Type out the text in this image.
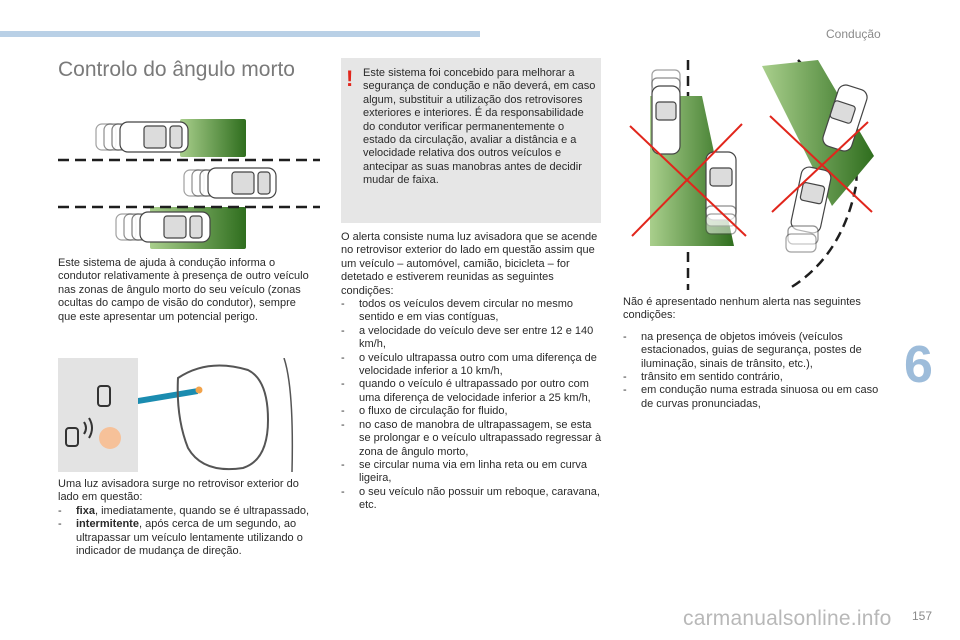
Condução
Controlo do ângulo morto
Este sistema de ajuda à condução informa o condutor relativamente à presença de outro veículo nas zonas de ângulo morto do seu veículo (zonas ocultas do campo de visão do condutor), sempre que este apresentar um potencial perigo.
Uma luz avisadora surge no retrovisor exterior do lado em questão:
- fixa, imediatamente, quando se é ultrapassado,
- intermitente, após cerca de um segundo, ao ultrapassar um veículo lentamente utilizando o indicador de mudança de direção.
! Este sistema foi concebido para melhorar a segurança de condução e não deverá, em caso algum, substituir a utilização dos retrovisores exteriores e interiores. É da responsabilidade do condutor verificar permanentemente o estado da circulação, avaliar a distância e a velocidade relativa dos outros veículos e antecipar as suas manobras antes de decidir mudar de faixa.
O alerta consiste numa luz avisadora que se acende no retrovisor exterior do lado em questão assim que um veículo – automóvel, camião, bicicleta – for detetado e estiverem reunidas as seguintes condições:
- todos os veículos devem circular no mesmo sentido e em vias contíguas,
- a velocidade do veículo deve ser entre 12 e 140 km/h,
- o veículo ultrapassa outro com uma diferença de velocidade inferior a 10 km/h,
- quando o veículo é ultrapassado por outro com uma diferença de velocidade inferior a 25 km/h,
- o fluxo de circulação for fluido,
- no caso de manobra de ultrapassagem, se esta se prolongar e o veículo ultrapassado regressar à zona de ângulo morto,
- se circular numa via em linha reta ou em curva ligeira,
- o seu veículo não possuir um reboque, caravana, etc.
Não é apresentado nenhum alerta nas seguintes condições:
- na presença de objetos imóveis (veículos estacionados, guias de segurança, postes de iluminação, sinais de trânsito, etc.),
- trânsito em sentido contrário,
- em condução numa estrada sinuosa ou em caso de curvas pronunciadas,
6
carmanualsonline.info 157
